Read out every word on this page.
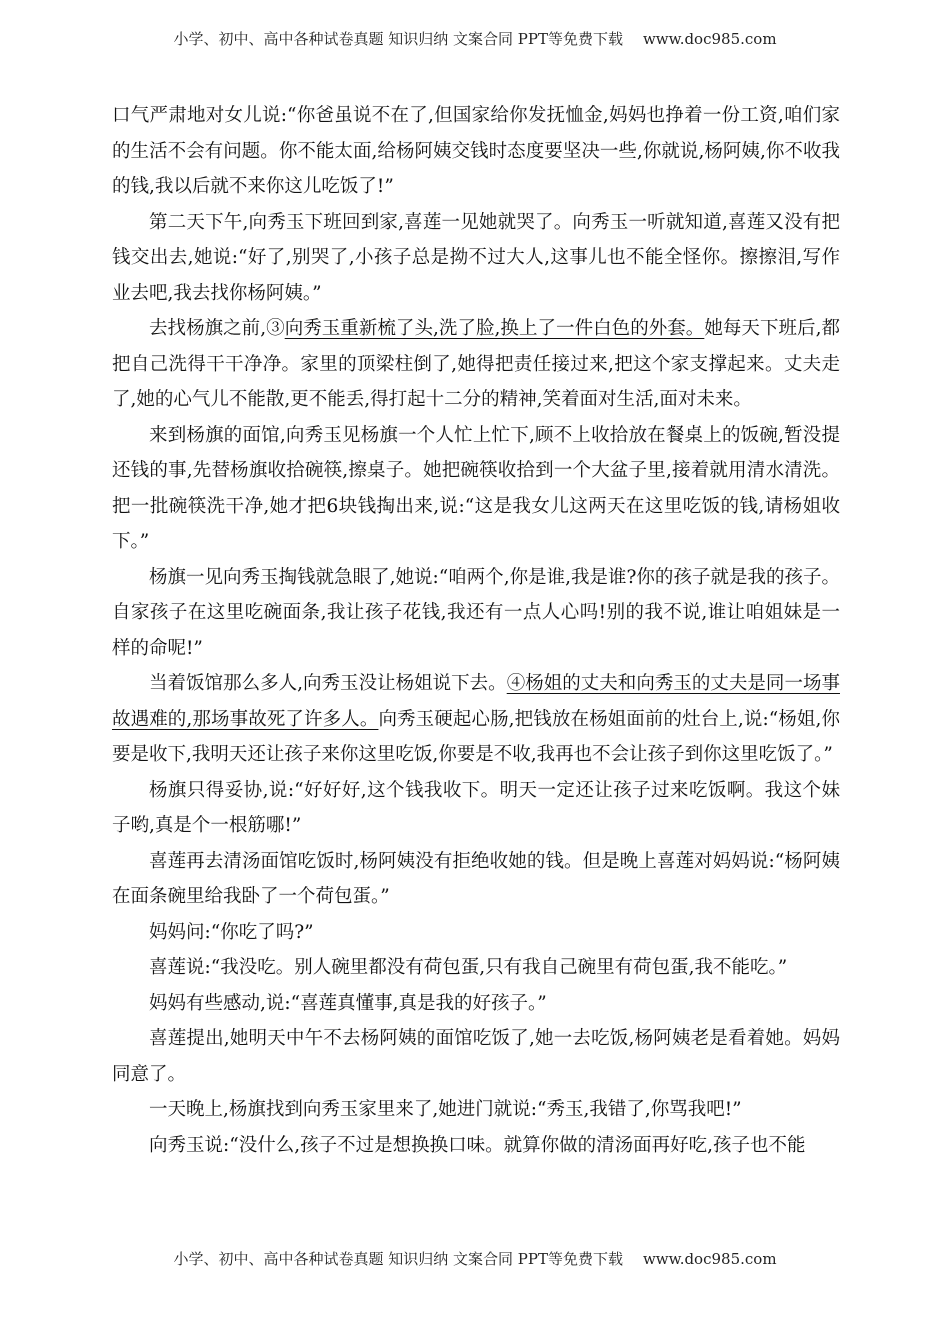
小学、初中、高中各种试卷真题 知识归纳 文案合同 PPT等免费下载 www.doc985.com

口气严肃地对女儿说:“你爸虽说不在了,但国家给你发抚恤金,妈妈也挣着一份工资,咱们家的生活不会有问题。你不能太面,给杨阿姨交钱时态度要坚决一些,你就说,杨阿姨,你不收我的钱,我以后就不来你这儿吃饭了!”

第二天下午,向秀玉下班回到家,喜莲一见她就哭了。向秀玉一听就知道,喜莲又没有把钱交出去,她说:“好了,别哭了,小孩子总是拗不过大人,这事儿也不能全怪你。擦擦泪,写作业去吧,我去找你杨阿姨。”

去找杨旗之前,③向秀玉重新梳了头,洗了脸,换上了一件白色的外套。她每天下班后,都把自己洗得干干净净。家里的顶梁柱倒了,她得把责任接过来,把这个家支撑起来。丈夫走了,她的心气儿不能散,更不能丢,得打起十二分的精神,笑着面对生活,面对未来。

来到杨旗的面馆,向秀玉见杨旗一个人忙上忙下,顾不上收拾放在餐桌上的饭碗,暂没提还钱的事,先替杨旗收拾碗筷,擦桌子。她把碗筷收拾到一个大盆子里,接着就用清水清洗。把一批碗筷洗干净,她才把6块钱掏出来,说:“这是我女儿这两天在这里吃饭的钱,请杨姐收下。”

杨旗一见向秀玉掏钱就急眼了,她说:“咱两个,你是谁,我是谁?你的孩子就是我的孩子。自家孩子在这里吃碗面条,我让孩子花钱,我还有一点人心吗!别的我不说,谁让咱姐妹是一样的命呢!”

当着饭馆那么多人,向秀玉没让杨姐说下去。④杨姐的丈夫和向秀玉的丈夫是同一场事故遇难的,那场事故死了许多人。向秀玉硬起心肠,把钱放在杨姐面前的灶台上,说:“杨姐,你要是收下,我明天还让孩子来你这里吃饭,你要是不收,我再也不会让孩子到你这里吃饭了。”

杨旗只得妥协,说:“好好好,这个钱我收下。明天一定还让孩子过来吃饭啊。我这个妹子哟,真是个一根筋哪!”

喜莲再去清汤面馆吃饭时,杨阿姨没有拒绝收她的钱。但是晚上喜莲对妈妈说:“杨阿姨在面条碗里给我卧了一个荷包蛋。”

妈妈问:“你吃了吗?”

喜莲说:“我没吃。别人碗里都没有荷包蛋,只有我自己碗里有荷包蛋,我不能吃。”

妈妈有些感动,说:“喜莲真懂事,真是我的好孩子。”

喜莲提出,她明天中午不去杨阿姨的面馆吃饭了,她一去吃饭,杨阿姨老是看着她。妈妈同意了。

一天晚上,杨旗找到向秀玉家里来了,她进门就说:“秀玉,我错了,你骂我吧!”

向秀玉说:“没什么,孩子不过是想换换口味。就算你做的清汤面再好吃,孩子也不能

小学、初中、高中各种试卷真题 知识归纳 文案合同 PPT等免费下载 www.doc985.com
